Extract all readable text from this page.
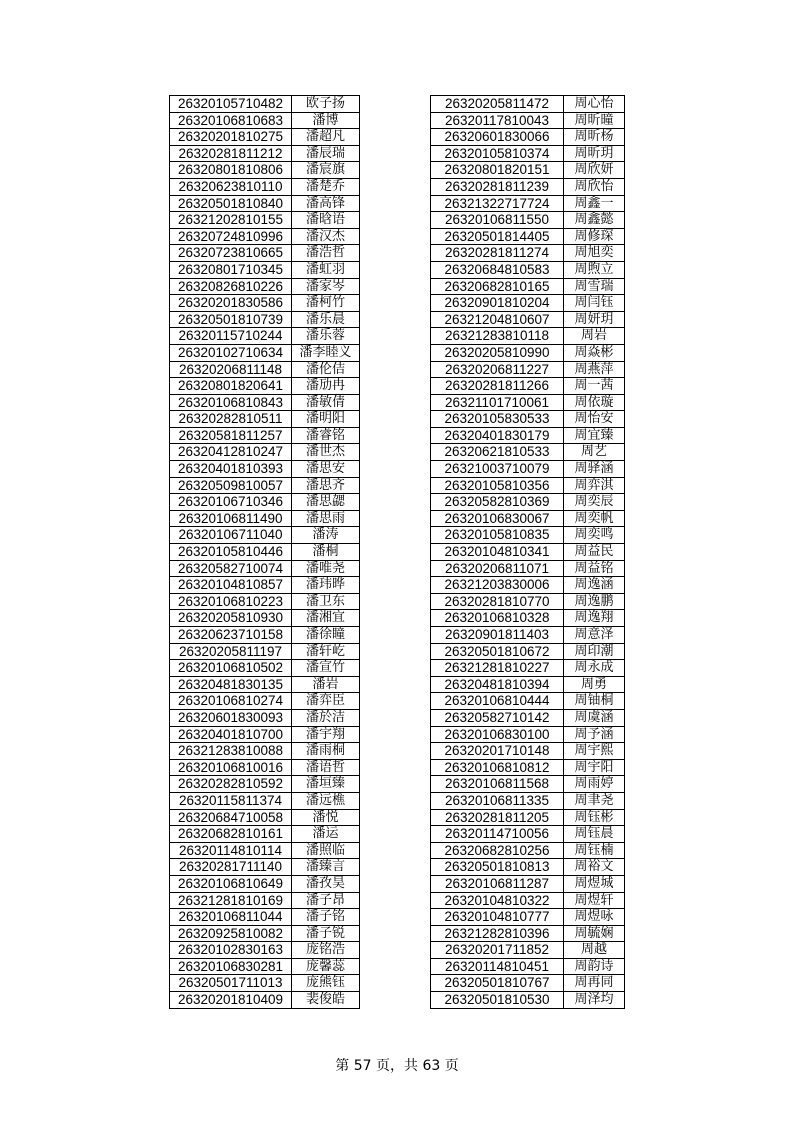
26320105710482	欧子扬
26320106810683	潘博
26320201810275	潘超凡
26320281811212	潘辰瑞
26320801810806	潘宸旗
26320623810110	潘楚乔
26320501810840	潘高锋
26321202810155	潘晗语
26320724810996	潘汉杰
26320723810665	潘浩哲
26320801710345	潘虹羽
26320826810226	潘家岑
26320201830586	潘柯竹
26320501810739	潘乐晨
26320115710244	潘乐蓉
26320102710634	潘李睦义
26320206811148	潘伦佶
26320801820641	潘劢冉
26320106810843	潘敏倩
26320282810511	潘明阳
26320581811257	潘睿铭
26320412810247	潘世杰
26320401810393	潘思安
26320509810057	潘思齐
26320106710346	潘思勰
26320106811490	潘思雨
26320106711040	潘涛
26320105810446	潘桐
26320582710074	潘唯尧
26320104810857	潘玮晔
26320106810223	潘卫东
26320205810930	潘湘宜
26320623710158	潘徐瞳
26320205811197	潘轩屹
26320106810502	潘宣竹
26320481830135	潘岩
26320106810274	潘弈臣
26320601830093	潘於洁
26320401810700	潘宇翔
26321283810088	潘雨桐
26320106810016	潘语哲
26320282810592	潘垣臻
26320115811374	潘远樵
26320684710058	潘悦
26320682810161	潘运
26320114810114	潘照临
26320281711140	潘臻言
26320106810649	潘孜昊
26321281810169	潘子昂
26320106811044	潘子铭
26320925810082	潘子锐
26320102830163	庞铭浩
26320106830281	庞馨蕊
26320501711013	庞熊钰
26320201810409	裴俊皓
26320205811472	周心怡
26320117810043	周昕曈
26320601830066	周昕杨
26320105810374	周昕玥
26320801820151	周欣妍
26320281811239	周欣怡
26321322717724	周鑫一
26320106811550	周鑫懿
26320501814405	周修琛
26320281811274	周旭奕
26320684810583	周煦立
26320682810165	周雪瑞
26320901810204	周闫钰
26321204810607	周妍玥
26321283810118	周岩
26320205810990	周焱彬
26320206811227	周燕萍
26320281811266	周一茜
26321101710061	周依璇
26320105830533	周怡安
26320401830179	周宜臻
26320621810533	周艺
26321003710079	周驿涵
26320105810356	周弈淇
26320582810369	周奕辰
26320106830067	周奕帆
26320105810835	周奕鸣
26320104810341	周益民
26320206811071	周益铭
26321203830006	周逸涵
26320281810770	周逸鹏
26320106810328	周逸翔
26320901811403	周意泽
26320501810672	周印潮
26321281810227	周永成
26320481810394	周勇
26320106810444	周铀桐
26320582710142	周虞涵
26320106830100	周予涵
26320201710148	周宇熙
26320106810812	周宇阳
26320106811568	周雨婷
26320106811335	周聿尧
26320281811205	周钰彬
26320114710056	周钰晨
26320682810256	周钰楠
26320501810813	周裕文
26320106811287	周煜城
26320104810322	周煜轩
26320104810777	周煜咏
26321282810396	周毓娴
26320201711852	周越
26320114810451	周韵诗
26320501810767	周再同
26320501810530	周泽均
第 57 页，共 63 页
